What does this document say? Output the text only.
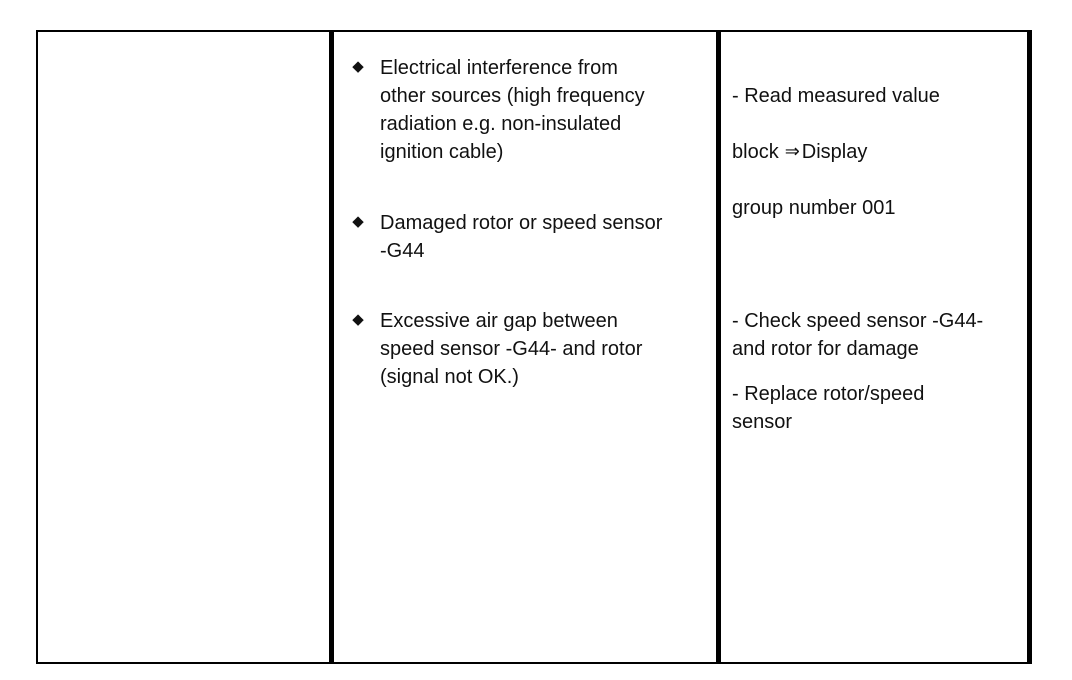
◆ Electrical interference from
other sources (high frequency
radiation e.g. non-insulated
ignition cable)
◆ Damaged rotor or speed sensor
-G44
◆ Excessive air gap between
speed sensor -G44- and rotor
(signal not OK.)

- Read measured value

block ⇒ Display

group number 001

- Check speed sensor -G44-
and rotor for damage
- Replace rotor/speed
sensor
